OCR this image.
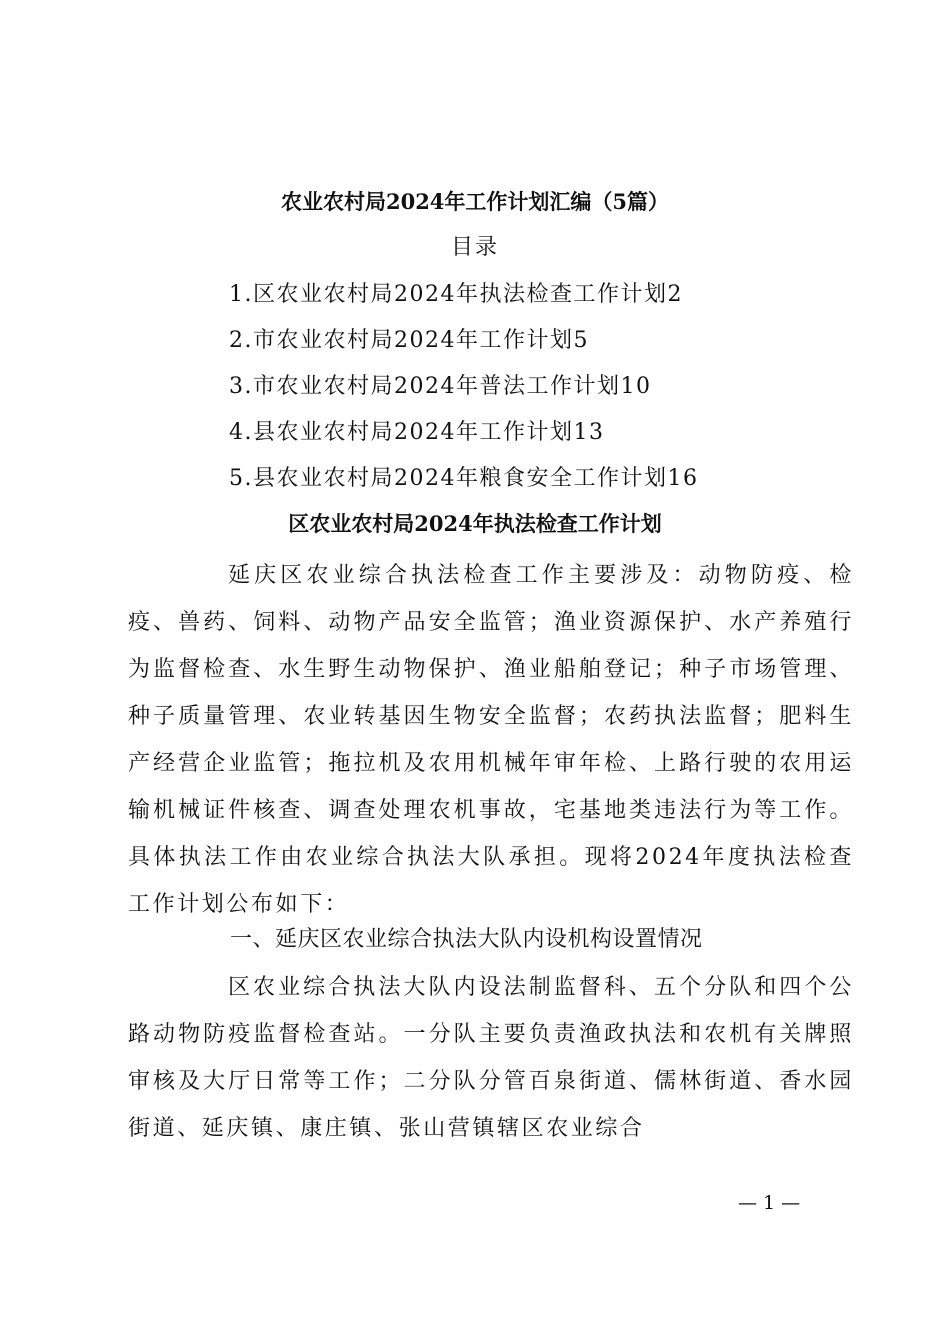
农业农村局2024年工作计划汇编（5篇）
目录
1.区农业农村局2024年执法检查工作计划2
2.市农业农村局2024年工作计划5
3.市农业农村局2024年普法工作计划10
4.县农业农村局2024年工作计划13
5.县农业农村局2024年粮食安全工作计划16
区农业农村局2024年执法检查工作计划

延庆区农业综合执法检查工作主要涉及：动物防疫、检疫、兽药、饲料、动物产品安全监管；渔业资源保护、水产养殖行为监督检查、水生野生动物保护、渔业船舶登记；种子市场管理、种子质量管理、农业转基因生物安全监督；农药执法监督；肥料生产经营企业监管；拖拉机及农用机械年审年检、上路行驶的农用运输机械证件核查、调查处理农机事故，宅基地类违法行为等工作。具体执法工作由农业综合执法大队承担。现将2024年度执法检查工作计划公布如下：

一、延庆区农业综合执法大队内设机构设置情况

区农业综合执法大队内设法制监督科、五个分队和四个公路动物防疫监督检查站。一分队主要负责渔政执法和农机有关牌照审核及大厅日常等工作；二分队分管百泉街道、儒林街道、香水园街道、延庆镇、康庄镇、张山营镇辖区农业综合

— 1 —
